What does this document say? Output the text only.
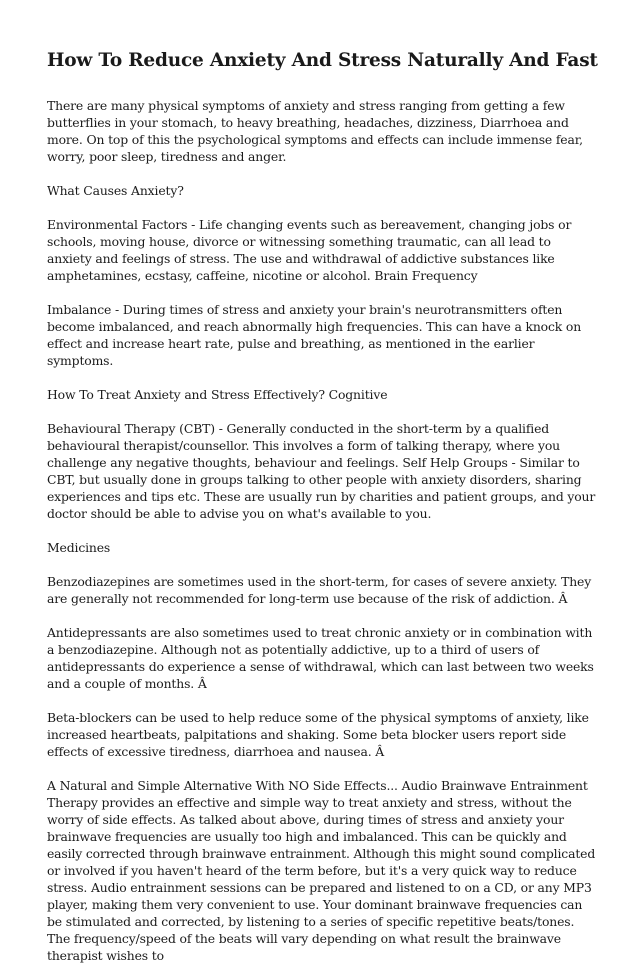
How To Reduce Anxiety And Stress Naturally And Fast

There are many physical symptoms of anxiety and stress ranging from getting a few butterflies in your stomach, to heavy breathing, headaches, dizziness, Diarrhoea and more. On top of this the psychological symptoms and effects can include immense fear, worry, poor sleep, tiredness and anger.

What Causes Anxiety?

Environmental Factors - Life changing events such as bereavement, changing jobs or schools, moving house, divorce or witnessing something traumatic, can all lead to anxiety and feelings of stress. The use and withdrawal of addictive substances like amphetamines, ecstasy, caffeine, nicotine or alcohol. Brain Frequency

Imbalance - During times of stress and anxiety your brain's neurotransmitters often become imbalanced, and reach abnormally high frequencies. This can have a knock on effect and increase heart rate, pulse and breathing, as mentioned in the earlier symptoms.

How To Treat Anxiety and Stress Effectively? Cognitive

Behavioural Therapy (CBT) - Generally conducted in the short-term by a qualified behavioural therapist/counsellor. This involves a form of talking therapy, where you challenge any negative thoughts, behaviour and feelings. Self Help Groups - Similar to CBT, but usually done in groups talking to other people with anxiety disorders, sharing experiences and tips etc. These are usually run by charities and patient groups, and your doctor should be able to advise you on what's available to you.

Medicines

Benzodiazepines are sometimes used in the short-term, for cases of severe anxiety. They are generally not recommended for long-term use because of the risk of addiction. Â

Antidepressants are also sometimes used to treat chronic anxiety or in combination with a benzodiazepine. Although not as potentially addictive, up to a third of users of antidepressants do experience a sense of withdrawal, which can last between two weeks and a couple of months. Â

Beta-blockers can be used to help reduce some of the physical symptoms of anxiety, like increased heartbeats, palpitations and shaking. Some beta blocker users report side effects of excessive tiredness, diarrhoea and nausea. Â

A Natural and Simple Alternative With NO Side Effects... Audio Brainwave Entrainment Therapy provides an effective and simple way to treat anxiety and stress, without the worry of side effects. As talked about above, during times of stress and anxiety your brainwave frequencies are usually too high and imbalanced. This can be quickly and easily corrected through brainwave entrainment. Although this might sound complicated or involved if you haven't heard of the term before, but it's a very quick way to reduce stress. Audio entrainment sessions can be prepared and listened to on a CD, or any MP3 player, making them very convenient to use. Your dominant brainwave frequencies can be stimulated and corrected, by listening to a series of specific repetitive beats/tones. The frequency/speed of the beats will vary depending on what result the brainwave therapist wishes to
